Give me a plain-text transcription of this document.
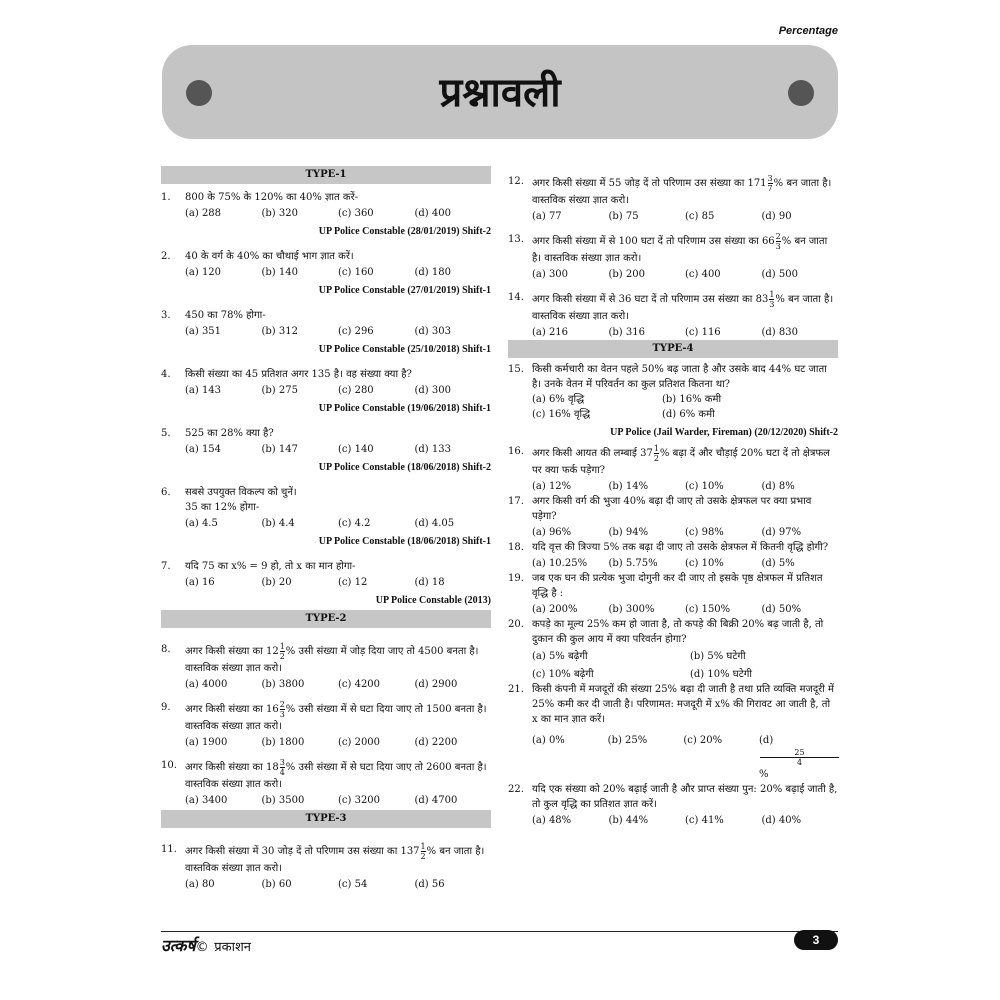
Percentage
प्रश्नावली
TYPE-1
1. 800 के 75% के 120% का 40% ज्ञात करें-
(a) 288	(b) 320	(c) 360	(d) 400
UP Police Constable (28/01/2019) Shift-2
2. 40 के वर्ग के 40% का चौथाई भाग ज्ञात करें।
(a) 120	(b) 140	(c) 160	(d) 180
UP Police Constable (27/01/2019) Shift-1
3. 450 का 78% होगा-
(a) 351	(b) 312	(c) 296	(d) 303
UP Police Constable (25/10/2018) Shift-1
4. किसी संख्या का 45 प्रतिशत अगर 135 है। वह संख्या क्या है?
(a) 143	(b) 275	(c) 280	(d) 300
UP Police Constable (19/06/2018) Shift-1
5. 525 का 28% क्या है?
(a) 154	(b) 147	(c) 140	(d) 133
UP Police Constable (18/06/2018) Shift-2
6. सबसे उपयुक्त विकल्प को चुनें।
35 का 12% होगा-
(a) 4.5	(b) 4.4	(c) 4.2	(d) 4.05
UP Police Constable (18/06/2018) Shift-1
7. यदि 75 का x% = 9 हो, तो x का मान होगा-
(a) 16	(b) 20	(c) 12	(d) 18
UP Police Constable (2013)
TYPE-2
8. अगर किसी संख्या का $12 \frac{1}{2}$ % उसी संख्या में जोड़ दिया जाए तो 4500 बनता है। वास्तविक संख्या ज्ञात करो।
(a) 4000	(b) 3800	(c) 4200	(d) 2900
9. अगर किसी संख्या का $16 \frac{2}{3}$ % उसी संख्या में से घटा दिया जाए तो 1500 बनता है। वास्तविक संख्या ज्ञात करो।
(a) 1900	(b) 1800	(c) 2000	(d) 2200
10. अगर किसी संख्या का $18 \frac{3}{4}$ % उसी संख्या में से घटा दिया जाए तो 2600 बनता है। वास्तविक संख्या ज्ञात करो।
(a) 3400	(b) 3500	(c) 3200	(d) 4700
TYPE-3
11. अगर किसी संख्या में 30 जोड़ दें तो परिणाम उस संख्या का $137 \frac{1}{2}$ % बन जाता है। वास्तविक संख्या ज्ञात करो।
(a) 80	(b) 60	(c) 54	(d) 56
12. अगर किसी संख्या में 55 जोड़ दें तो परिणाम उस संख्या का $171 \frac{3}{7}$ % बन जाता है। वास्तविक संख्या ज्ञात करो।
(a) 77	(b) 75	(c) 85	(d) 90
13. अगर किसी संख्या में से 100 घटा दें तो परिणाम उस संख्या का $66 \frac{2}{3}$ % बन जाता है। वास्तविक संख्या ज्ञात करो।
(a) 300	(b) 200	(c) 400	(d) 500
14. अगर किसी संख्या में से 36 घटा दें तो परिणाम उस संख्या का $83 \frac{1}{3}$ % बन जाता है। वास्तविक संख्या ज्ञात करो।
(a) 216	(b) 316	(c) 116	(d) 830
TYPE-4
15. किसी कर्मचारी का वेतन पहले 50% बढ़ जाता है और उसके बाद 44% घट जाता है। उनके वेतन में परिवर्तन का कुल प्रतिशत कितना था?
(a) 6% वृद्धि	(b) 16% कमी
(c) 16% वृद्धि	(d) 6% कमी
UP Police (Jail Warder, Fireman) (20/12/2020) Shift-2
16. अगर किसी आयत की लम्बाई $37 \frac{1}{2}$ % बढ़ा दें और चौड़ाई 20% घटा दें तो क्षेत्रफल पर क्या फर्क पड़ेगा?
(a) 12%	(b) 14%	(c) 10%	(d) 8%
17. अगर किसी वर्ग की भुजा 40% बढ़ा दी जाए तो उसके क्षेत्रफल पर क्या प्रभाव पड़ेगा?
(a) 96%	(b) 94%	(c) 98%	(d) 97%
18. यदि वृत्त की त्रिज्या 5% तक बढ़ा दी जाए तो उसके क्षेत्रफल में कितनी वृद्धि होगी?
(a) 10.25%	(b) 5.75%	(c) 10%	(d) 5%
19. जब एक घन की प्रत्येक भुजा दोगुनी कर दी जाए तो इसके पृष्ठ क्षेत्रफल में प्रतिशत वृद्धि है :
(a) 200%	(b) 300%	(c) 150%	(d) 50%
20. कपड़े का मूल्य 25% कम हो जाता है, तो कपड़े की बिक्री 20% बढ़ जाती है, तो दुकान की कुल आय में क्या परिवर्तन होगा?
(a) 5% बढ़ेगी	(b) 5% घटेगी
(c) 10% बढ़ेगी	(d) 10% घटेगी
21. किसी कंपनी में मजदूरों की संख्या 25% बढ़ा दी जाती है तथा प्रति व्यक्ति मजदूरी में 25% कमी कर दी जाती है। परिणामत: मजदूरी में x% की गिरावट आ जाती है, तो x का मान ज्ञात करें।
(a) 0%	(b) 25%	(c) 20%	(d)
$\frac{25}{4}$
%
22. यदि एक संख्या को 20% बढ़ाई जाती है और प्राप्त संख्या पुन: 20% बढ़ाई जाती है, तो कुल वृद्धि का प्रतिशत ज्ञात करें।
(a) 48%	(b) 44%	(c) 41%	(d) 40%
उत्कर्ष© प्रकाशन	3
